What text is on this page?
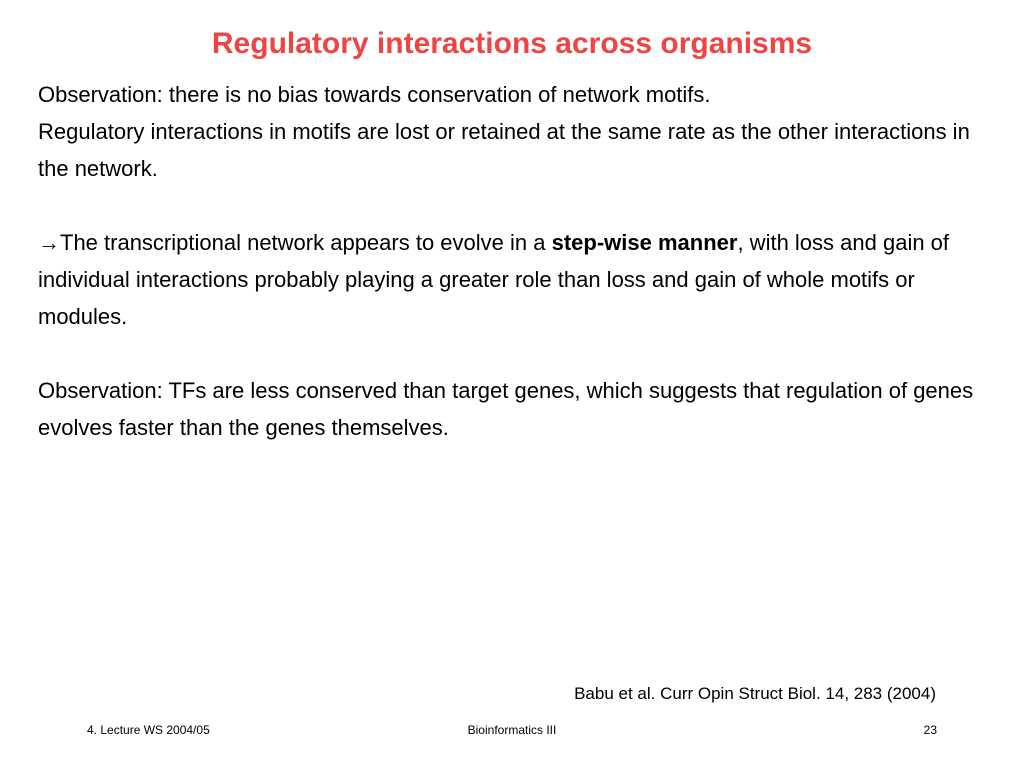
Regulatory interactions across organisms

Observation: there is no bias towards conservation of network motifs.
Regulatory interactions in motifs are lost or retained at the same rate as the other interactions in the network.

→The transcriptional network appears to evolve in a step-wise manner, with loss and gain of individual interactions probably playing a greater role than loss and gain of whole motifs or modules.

Observation: TFs are less conserved than target genes, which suggests that regulation of genes evolves faster than the genes themselves.

Babu et al. Curr Opin Struct Biol. 14, 283 (2004)
4. Lecture WS 2004/05	Bioinformatics III	23
